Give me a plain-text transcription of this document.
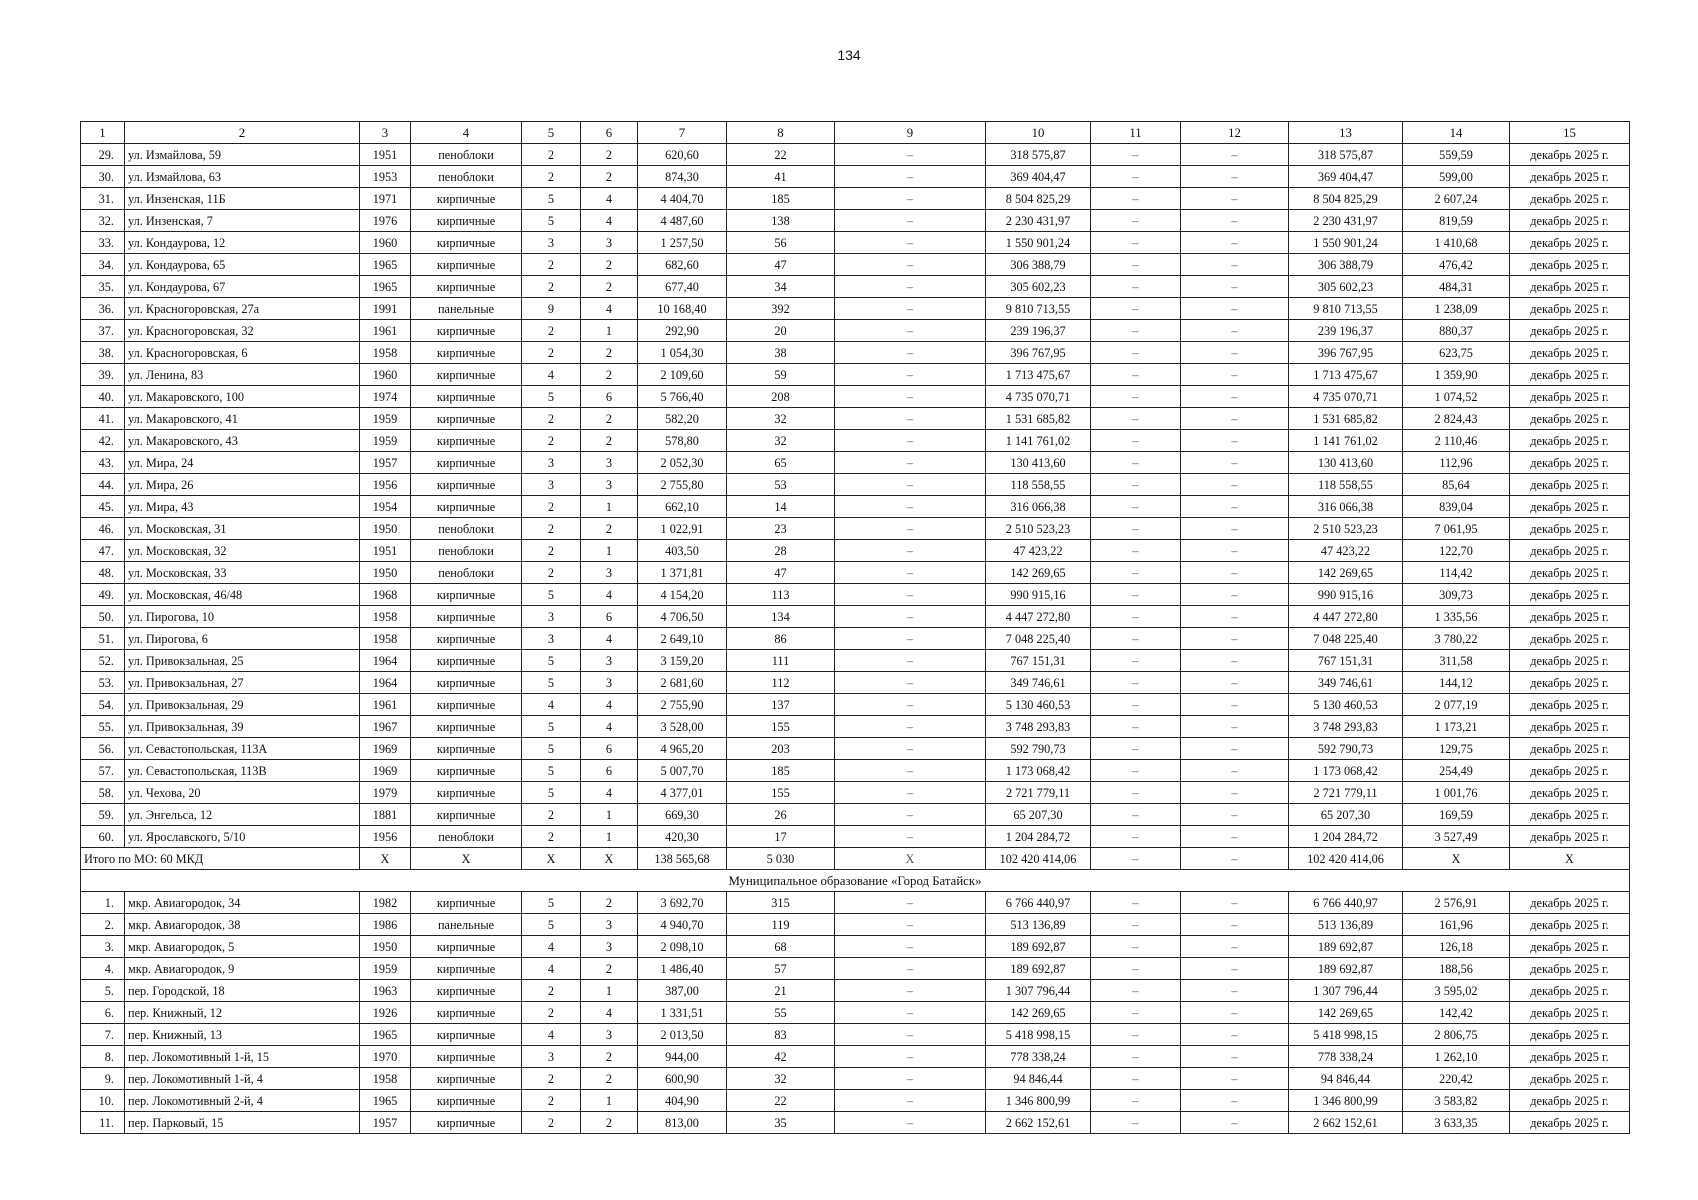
134
1	2	3	4	5	6	7	8	9	10	11	12	13	14	15
29.	ул. Измайлова, 59	1951	пеноблоки	2	2	620,60	22	–	318 575,87	–	–	318 575,87	559,59	декабрь 2025 г.
30.	ул. Измайлова, 63	1953	пеноблоки	2	2	874,30	41	–	369 404,47	–	–	369 404,47	599,00	декабрь 2025 г.
31.	ул. Инзенская, 11Б	1971	кирпичные	5	4	4 404,70	185	–	8 504 825,29	–	–	8 504 825,29	2 607,24	декабрь 2025 г.
32.	ул. Инзенская, 7	1976	кирпичные	5	4	4 487,60	138	–	2 230 431,97	–	–	2 230 431,97	819,59	декабрь 2025 г.
33.	ул. Кондаурова, 12	1960	кирпичные	3	3	1 257,50	56	–	1 550 901,24	–	–	1 550 901,24	1 410,68	декабрь 2025 г.
34.	ул. Кондаурова, 65	1965	кирпичные	2	2	682,60	47	–	306 388,79	–	–	306 388,79	476,42	декабрь 2025 г.
35.	ул. Кондаурова, 67	1965	кирпичные	2	2	677,40	34	–	305 602,23	–	–	305 602,23	484,31	декабрь 2025 г.
36.	ул. Красногоровская, 27а	1991	панельные	9	4	10 168,40	392	–	9 810 713,55	–	–	9 810 713,55	1 238,09	декабрь 2025 г.
37.	ул. Красногоровская, 32	1961	кирпичные	2	1	292,90	20	–	239 196,37	–	–	239 196,37	880,37	декабрь 2025 г.
38.	ул. Красногоровская, 6	1958	кирпичные	2	2	1 054,30	38	–	396 767,95	–	–	396 767,95	623,75	декабрь 2025 г.
39.	ул. Ленина, 83	1960	кирпичные	4	2	2 109,60	59	–	1 713 475,67	–	–	1 713 475,67	1 359,90	декабрь 2025 г.
40.	ул. Макаровского, 100	1974	кирпичные	5	6	5 766,40	208	–	4 735 070,71	–	–	4 735 070,71	1 074,52	декабрь 2025 г.
41.	ул. Макаровского, 41	1959	кирпичные	2	2	582,20	32	–	1 531 685,82	–	–	1 531 685,82	2 824,43	декабрь 2025 г.
42.	ул. Макаровского, 43	1959	кирпичные	2	2	578,80	32	–	1 141 761,02	–	–	1 141 761,02	2 110,46	декабрь 2025 г.
43.	ул. Мира, 24	1957	кирпичные	3	3	2 052,30	65	–	130 413,60	–	–	130 413,60	112,96	декабрь 2025 г.
44.	ул. Мира, 26	1956	кирпичные	3	3	2 755,80	53	–	118 558,55	–	–	118 558,55	85,64	декабрь 2025 г.
45.	ул. Мира, 43	1954	кирпичные	2	1	662,10	14	–	316 066,38	–	–	316 066,38	839,04	декабрь 2025 г.
46.	ул. Московская, 31	1950	пеноблоки	2	2	1 022,91	23	–	2 510 523,23	–	–	2 510 523,23	7 061,95	декабрь 2025 г.
47.	ул. Московская, 32	1951	пеноблоки	2	1	403,50	28	–	47 423,22	–	–	47 423,22	122,70	декабрь 2025 г.
48.	ул. Московская, 33	1950	пеноблоки	2	3	1 371,81	47	–	142 269,65	–	–	142 269,65	114,42	декабрь 2025 г.
49.	ул. Московская, 46/48	1968	кирпичные	5	4	4 154,20	113	–	990 915,16	–	–	990 915,16	309,73	декабрь 2025 г.
50.	ул. Пирогова, 10	1958	кирпичные	3	6	4 706,50	134	–	4 447 272,80	–	–	4 447 272,80	1 335,56	декабрь 2025 г.
51.	ул. Пирогова, 6	1958	кирпичные	3	4	2 649,10	86	–	7 048 225,40	–	–	7 048 225,40	3 780,22	декабрь 2025 г.
52.	ул. Привокзальная, 25	1964	кирпичные	5	3	3 159,20	111	–	767 151,31	–	–	767 151,31	311,58	декабрь 2025 г.
53.	ул. Привокзальная, 27	1964	кирпичные	5	3	2 681,60	112	–	349 746,61	–	–	349 746,61	144,12	декабрь 2025 г.
54.	ул. Привокзальная, 29	1961	кирпичные	4	4	2 755,90	137	–	5 130 460,53	–	–	5 130 460,53	2 077,19	декабрь 2025 г.
55.	ул. Привокзальная, 39	1967	кирпичные	5	4	3 528,00	155	–	3 748 293,83	–	–	3 748 293,83	1 173,21	декабрь 2025 г.
56.	ул. Севастопольская, 113А	1969	кирпичные	5	6	4 965,20	203	–	592 790,73	–	–	592 790,73	129,75	декабрь 2025 г.
57.	ул. Севастопольская, 113В	1969	кирпичные	5	6	5 007,70	185	–	1 173 068,42	–	–	1 173 068,42	254,49	декабрь 2025 г.
58.	ул. Чехова, 20	1979	кирпичные	5	4	4 377,01	155	–	2 721 779,11	–	–	2 721 779,11	1 001,76	декабрь 2025 г.
59.	ул. Энгельса, 12	1881	кирпичные	2	1	669,30	26	–	65 207,30	–	–	65 207,30	169,59	декабрь 2025 г.
60.	ул. Ярославского, 5/10	1956	пеноблоки	2	1	420,30	17	–	1 204 284,72	–	–	1 204 284,72	3 527,49	декабрь 2025 г.
Итого по МО: 60 МКД		X	X	X	X	138 565,68	5 030	X	102 420 414,06	–	–	102 420 414,06	X	X
Муниципальное образование «Город Батайск»														
1.	мкр. Авиагородок, 34	1982	кирпичные	5	2	3 692,70	315	–	6 766 440,97	–	–	6 766 440,97	2 576,91	декабрь 2025 г.
2.	мкр. Авиагородок, 38	1986	панельные	5	3	4 940,70	119	–	513 136,89	–	–	513 136,89	161,96	декабрь 2025 г.
3.	мкр. Авиагородок, 5	1950	кирпичные	4	3	2 098,10	68	–	189 692,87	–	–	189 692,87	126,18	декабрь 2025 г.
4.	мкр. Авиагородок, 9	1959	кирпичные	4	2	1 486,40	57	–	189 692,87	–	–	189 692,87	188,56	декабрь 2025 г.
5.	пер. Городской, 18	1963	кирпичные	2	1	387,00	21	–	1 307 796,44	–	–	1 307 796,44	3 595,02	декабрь 2025 г.
6.	пер. Книжный, 12	1926	кирпичные	2	4	1 331,51	55	–	142 269,65	–	–	142 269,65	142,42	декабрь 2025 г.
7.	пер. Книжный, 13	1965	кирпичные	4	3	2 013,50	83	–	5 418 998,15	–	–	5 418 998,15	2 806,75	декабрь 2025 г.
8.	пер. Локомотивный 1-й, 15	1970	кирпичные	3	2	944,00	42	–	778 338,24	–	–	778 338,24	1 262,10	декабрь 2025 г.
9.	пер. Локомотивный 1-й, 4	1958	кирпичные	2	2	600,90	32	–	94 846,44	–	–	94 846,44	220,42	декабрь 2025 г.
10.	пер. Локомотивный 2-й, 4	1965	кирпичные	2	1	404,90	22	–	1 346 800,99	–	–	1 346 800,99	3 583,82	декабрь 2025 г.
11.	пер. Парковый, 15	1957	кирпичные	2	2	813,00	35	–	2 662 152,61	–	–	2 662 152,61	3 633,35	декабрь 2025 г.
